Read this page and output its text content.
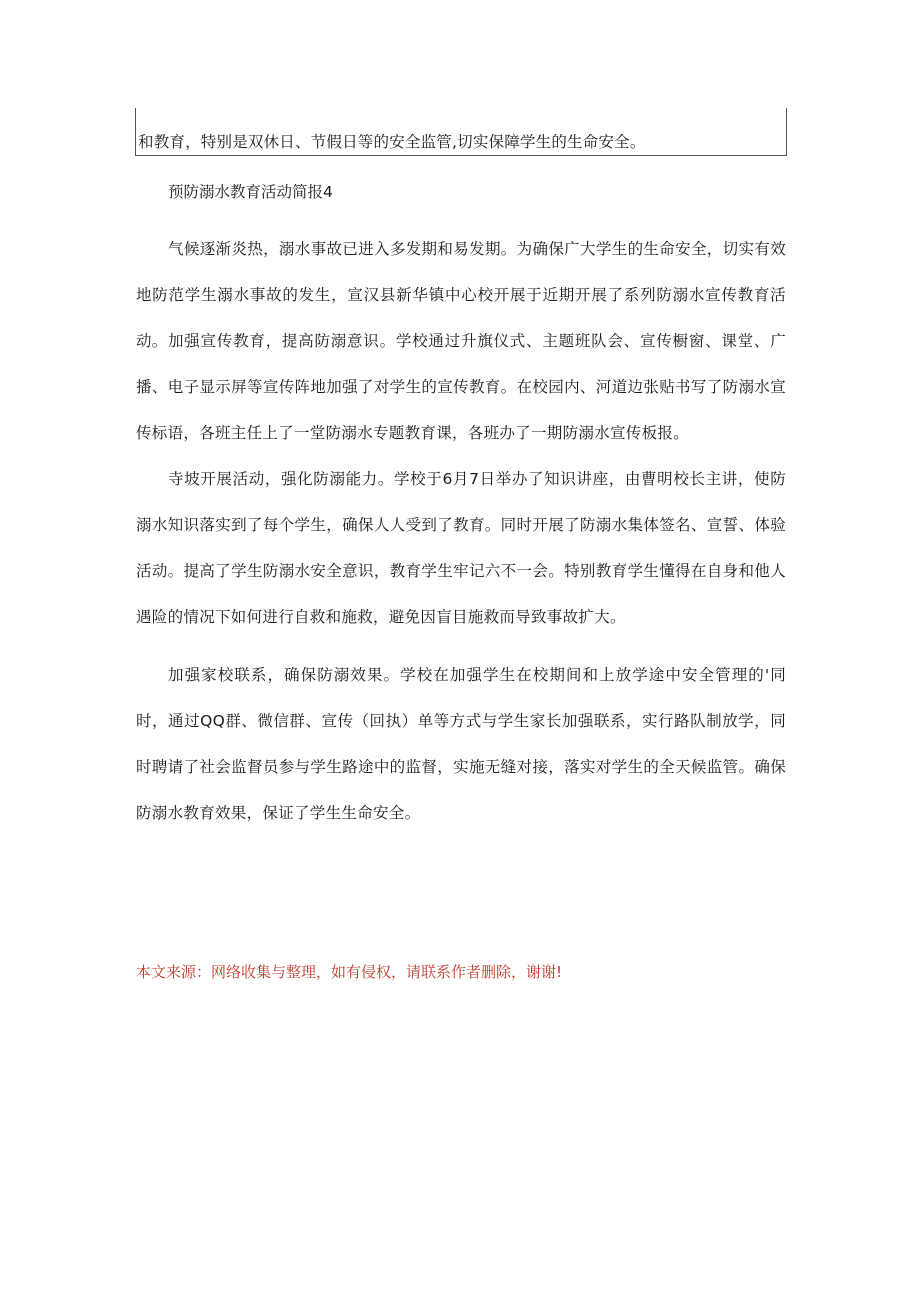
和教育，特别是双休日、节假日等的安全监管,切实保障学生的生命安全。
预防溺水教育活动简报4

气候逐渐炎热，溺水事故已进入多发期和易发期。为确保广大学生的生命安全，切实有效地防范学生溺水事故的发生，宣汉县新华镇中心校开展于近期开展了系列防溺水宣传教育活动。 加强宣传教育，提高防溺意识。学校通过升旗仪式、主题班队会、宣传橱窗、课堂、广播、电子显示屏等宣传阵地加强了对学生的宣传教育。在校园内、河道边张贴书写了防溺水宣传标语，各班主任上了一堂防溺水专题教育课，各班办了一期防溺水宣传板报。

寺坡开展活动，强化防溺能力。学校于6月7日举办了知识讲座，由曹明校长主讲，使防溺水知识落实到了每个学生，确保人人受到了教育。同时开展了防溺水集体签名、宣誓、体验活动。提高了学生防溺水安全意识，教育学生牢记六不一会。特别教育学生懂得在自身和他人遇险的情况下如何进行自救和施救，避免因盲目施救而导致事故扩大。

加强家校联系，确保防溺效果。学校在加强学生在校期间和上放学途中安全管理的'同时，通过QQ群、微信群、宣传（回执）单等方式与学生家长加强联系，实行路队制放学，同时聘请了社会监督员参与学生路途中的监督，实施无缝对接，落实对学生的全天候监管。确保防溺水教育效果，保证了学生生命安全。

本文来源：网络收集与整理，如有侵权，请联系作者删除，谢谢!
